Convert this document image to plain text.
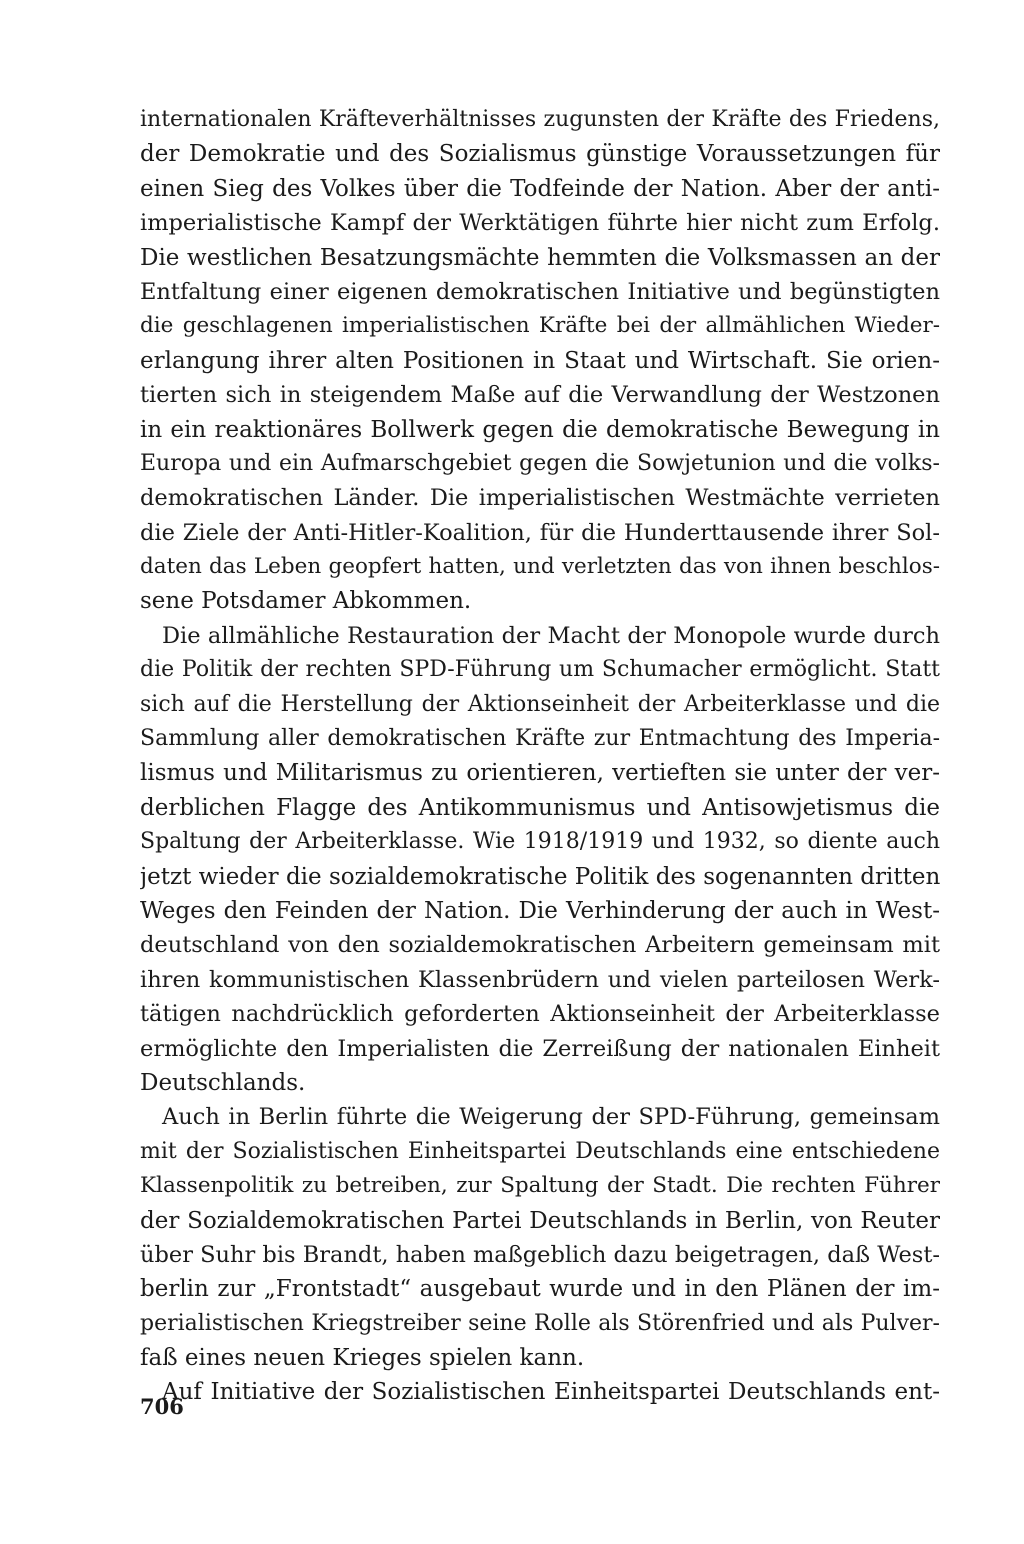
internationalen Kräfteverhältnisses zugunsten der Kräfte des Friedens,
der Demokratie und des Sozialismus günstige Voraussetzungen für
einen Sieg des Volkes über die Todfeinde der Nation. Aber der anti-
imperialistische Kampf der Werktätigen führte hier nicht zum Erfolg.
Die westlichen Besatzungsmächte hemmten die Volksmassen an der
Entfaltung einer eigenen demokratischen Initiative und begünstigten
die geschlagenen imperialistischen Kräfte bei der allmählichen Wieder-
erlangung ihrer alten Positionen in Staat und Wirtschaft. Sie orien-
tierten sich in steigendem Maße auf die Verwandlung der Westzonen
in ein reaktionäres Bollwerk gegen die demokratische Bewegung in
Europa und ein Aufmarschgebiet gegen die Sowjetunion und die volks-
demokratischen Länder. Die imperialistischen Westmächte verrieten
die Ziele der Anti-Hitler-Koalition, für die Hunderttausende ihrer Sol-
daten das Leben geopfert hatten, und verletzten das von ihnen beschlos-
sene Potsdamer Abkommen.
Die allmähliche Restauration der Macht der Monopole wurde durch
die Politik der rechten SPD-Führung um Schumacher ermöglicht. Statt
sich auf die Herstellung der Aktionseinheit der Arbeiterklasse und die
Sammlung aller demokratischen Kräfte zur Entmachtung des Imperia-
lismus und Militarismus zu orientieren, vertieften sie unter der ver-
derblichen Flagge des Antikommunismus und Antisowjetismus die
Spaltung der Arbeiterklasse. Wie 1918/1919 und 1932, so diente auch
jetzt wieder die sozialdemokratische Politik des sogenannten dritten
Weges den Feinden der Nation. Die Verhinderung der auch in West-
deutschland von den sozialdemokratischen Arbeitern gemeinsam mit
ihren kommunistischen Klassenbrüdern und vielen parteilosen Werk-
tätigen nachdrücklich geforderten Aktionseinheit der Arbeiterklasse
ermöglichte den Imperialisten die Zerreißung der nationalen Einheit
Deutschlands.
Auch in Berlin führte die Weigerung der SPD-Führung, gemeinsam
mit der Sozialistischen Einheitspartei Deutschlands eine entschiedene
Klassenpolitik zu betreiben, zur Spaltung der Stadt. Die rechten Führer
der Sozialdemokratischen Partei Deutschlands in Berlin, von Reuter
über Suhr bis Brandt, haben maßgeblich dazu beigetragen, daß West-
berlin zur „Frontstadt“ ausgebaut wurde und in den Plänen der im-
perialistischen Kriegstreiber seine Rolle als Störenfried und als Pulver-
faß eines neuen Krieges spielen kann.
Auf Initiative der Sozialistischen Einheitspartei Deutschlands ent-
706
